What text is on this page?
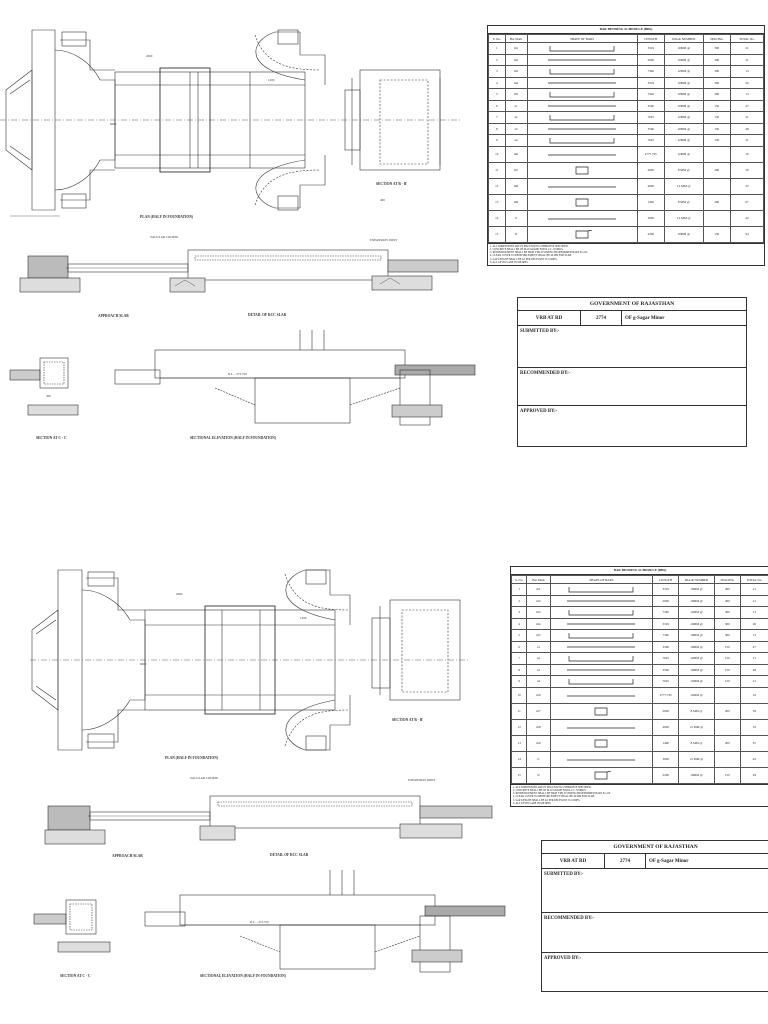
PLAN (HALF IN FOUNDATION)
SECTION AT B - B'
APPROACH SLAB	DETAIL OF RCC SLAB
SECTION AT C - C	SECTIONAL ELEVATION (HALF IN FOUNDATION)
VACULAR COURSE
EXPANSION JOINT
R.L. - 273.750
6000
2000
1200
400
300
BAR BENDING SCHEDULE (BBS)
S. No.	Bar Mark	SHAPE OF BARS	LENGTH	DIA & NUMBER	SPACING	TOTAL No.
1	m1		3319	10MM @	300	21
2	m2		2000	10MM @	300	21
3	m3		7340	12MM @	300	13
4	m4		3319	10MM @	300	26
5	m5		7340	10MM @	300	13
6	a1		3560	10MM @	150	47
7	a2		7625	12MM @	150	21
8	a3		3560	10MM @	150	48
9	a4		7625	12MM @	150	21
10	m6		2777.745	12MM @		16
11	m7		2000	8 MM @	200	59
12	m8		4000	12 MM @		32
13	m9		1400	8 MM @	200	67
14	t1		3000	12 MM @		42
15	t2		2200	10MM @	150	94
1. ALL DIMENSIONS ARE IN MM UNLESS OTHERWISE SPECIFIED.
2. CONCRETE SHALL BE OF M-20 GRADE FOR R.C.C. WORKS.
3. REINFORCEMENT SHALL BE HIGH YIELD STRENGTH DEFORMED BARS Fe-415.
4. CLEAR COVER TO REINFORCEMENT SHALL BE 40 MM FOR SLAB.
5. LAP LENGTH SHALL BE AS PER RELEVANT IS CODES.
6. ALL LEVELS ARE IN METRES.
GOVERNMENT OF RAJASTHAN
VRB AT RD	2774	OF g-Sagar Minor
SUBMITTED BY:-
RECOMMENDED BY:-
APPROVED BY:-
PLAN (HALF IN FOUNDATION)
SECTION AT B - B'
APPROACH SLAB	DETAIL OF RCC SLAB
SECTION AT C - C	SECTIONAL ELEVATION (HALF IN FOUNDATION)
VACULAR COURSE	EXPANSION JOINT
R.L. - 273.750
6000
2000
1200
BAR BENDING SCHEDULE (BBS)
S. No.	Bar Mark	SHAPE OF BARS	LENGTH	DIA & NUMBER	SPACING	TOTAL No.
1	m1		3319	10MM @	300	21
2	m2		2000	10MM @	300	21
3	m3		7340	12MM @	300	13
4	m4		3319	10MM @	300	26
5	m5		7340	10MM @	300	13
6	a1		3560	10MM @	150	47
7	a2		7625	12MM @	150	21
8	a3		3560	10MM @	150	48
9	a4		7625	12MM @	150	21
10	m6		2777.745	12MM @		16
11	m7		2000	8 MM @	200	59
12	m8		4000	12 MM @		32
13	m9		1400	8 MM @	200	67
14	t1		3000	12 MM @		42
15	t2		2200	10MM @	150	94
1. ALL DIMENSIONS ARE IN MM UNLESS OTHERWISE SPECIFIED.
2. CONCRETE SHALL BE OF M-20 GRADE FOR R.C.C. WORKS.
3. REINFORCEMENT SHALL BE HIGH YIELD STRENGTH DEFORMED BARS Fe-415.
4. CLEAR COVER TO REINFORCEMENT SHALL BE 40 MM FOR SLAB.
5. LAP LENGTH SHALL BE AS PER RELEVANT IS CODES.
6. ALL LEVELS ARE IN METRES.
GOVERNMENT OF RAJASTHAN
VRB AT RD	2774	OF g-Sagar Minor
SUBMITTED BY:-
RECOMMENDED BY:-
APPROVED BY:-
